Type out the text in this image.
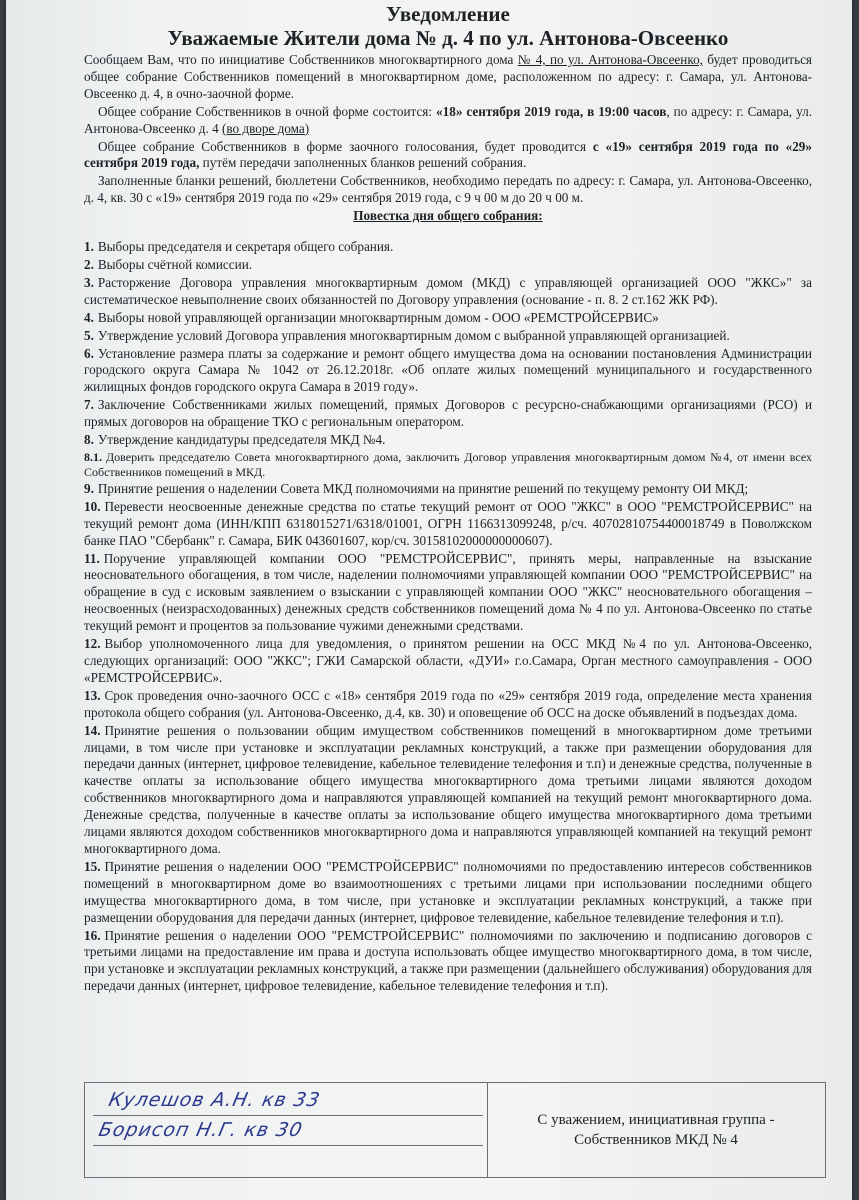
Уведомление
Уважаемые Жители дома № д. 4 по ул. Антонова-Овсеенко

Сообщаем Вам, что по инициативе Собственников многоквартирного дома № 4, по ул. Антонова-Овсеенко, будет проводиться общее собрание Собственников помещений в многоквартирном доме, расположенном по адресу: г. Самара, ул. Антонова-Овсеенко д. 4, в очно-заочной форме.

Общее собрание Собственников в очной форме состоится: «18» сентября 2019 года, в 19:00 часов, по адресу: г. Самара, ул. Антонова-Овсеенко д. 4 (во дворе дома)

Общее собрание Собственников в форме заочного голосования, будет проводится с «19» сентября 2019 года по «29» сентября 2019 года, путём передачи заполненных бланков решений собрания.

Заполненные бланки решений, бюллетени Собственников, необходимо передать по адресу: г. Самара, ул. Антонова-Овсеенко, д. 4, кв. 30 с «19» сентября 2019 года по «29» сентября 2019 года, с 9 ч 00 м до 20 ч 00 м.

Повестка дня общего собрания:

1. Выборы председателя и секретаря общего собрания.

2. Выборы счётной комиссии.

3. Расторжение Договора управления многоквартирным домом (МКД) с управляющей организацией ООО "ЖКС»" за систематическое невыполнение своих обязанностей по Договору управления (основание - п. 8. 2 ст.162 ЖК РФ).

4. Выборы новой управляющей организации многоквартирным домом - ООО «РЕМСТРОЙСЕРВИС»

5. Утверждение условий Договора управления многоквартирным домом с выбранной управляющей организацией.

6. Установление размера платы за содержание и ремонт общего имущества дома на основании постановления Администрации городского округа Самара № 1042 от 26.12.2018г. «Об оплате жилых помещений муниципального и государственного жилищных фондов городского округа Самара в 2019 году».

7. Заключение Собственниками жилых помещений, прямых Договоров с ресурсно-снабжающими организациями (РСО) и прямых договоров на обращение ТКО с региональным оператором.

8. Утверждение кандидатуры председателя МКД №4.

8.1. Доверить председателю Совета многоквартирного дома, заключить Договор управления многоквартирным домом №4, от имени всех Собственников помещений в МКД.

9. Принятие решения о наделении Совета МКД полномочиями на принятие решений по текущему ремонту ОИ МКД;

10. Перевести неосвоенные денежные средства по статье текущий ремонт от ООО "ЖКС" в ООО "РЕМСТРОЙСЕРВИС" на текущий ремонт дома (ИНН/КПП 6318015271/6318/01001, ОГРН 1166313099248, р/сч. 40702810754400018749 в Поволжском банке ПАО "Сбербанк" г. Самара, БИК 043601607, кор/сч. 30158102000000000607).

11. Поручение управляющей компании ООО "РЕМСТРОЙСЕРВИС", принять меры, направленные на взыскание неосновательного обогащения, в том числе, наделении полномочиями управляющей компании ООО "РЕМСТРОЙСЕРВИС" на обращение в суд с исковым заявлением о взыскании с управляющей компании ООО "ЖКС" неосновательного обогащения – неосвоенных (неизрасходованных) денежных средств собственников помещений дома № 4 по ул. Антонова-Овсеенко по статье текущий ремонт и процентов за пользование чужими денежными средствами.

12. Выбор уполномоченного лица для уведомления, о принятом решении на ОСС МКД №4 по ул. Антонова-Овсеенко, следующих организаций: ООО "ЖКС"; ГЖИ Самарской области, «ДУИ» г.о.Самара, Орган местного самоуправления - ООО «РЕМСТРОЙСЕРВИС».

13. Срок проведения очно-заочного ОСС с «18» сентября 2019 года по «29» сентября 2019 года, определение места хранения протокола общего собрания (ул. Антонова-Овсеенко, д.4, кв. 30) и оповещение об ОСС на доске объявлений в подъездах дома.

14. Принятие решения о пользовании общим имуществом собственников помещений в многоквартирном доме третьими лицами, в том числе при установке и эксплуатации рекламных конструкций, а также при размещении оборудования для передачи данных (интернет, цифровое телевидение, кабельное телевидение телефония и т.п) и денежные средства, полученные в качестве оплаты за использование общего имущества многоквартирного дома третьими лицами являются доходом собственников многоквартирного дома и направляются управляющей компанией на текущий ремонт многоквартирного дома. Денежные средства, полученные в качестве оплаты за использование общего имущества многоквартирного дома третьими лицами являются доходом собственников многоквартирного дома и направляются управляющей компанией на текущий ремонт многоквартирного дома.

15. Принятие решения о наделении ООО "РЕМСТРОЙСЕРВИС" полномочиями по предоставлению интересов собственников помещений в многоквартирном доме во взаимоотношениях с третьими лицами при использовании последними общего имущества многоквартирного дома, в том числе, при установке и эксплуатации рекламных конструкций, а также при размещении оборудования для передачи данных (интернет, цифровое телевидение, кабельное телевидение телефония и т.п).

16. Принятие решения о наделении ООО "РЕМСТРОЙСЕРВИС" полномочиями по заключению и подписанию договоров с третьими лицами на предоставление им права и доступа использовать общее имущество многоквартирного дома, в том числе, при установке и эксплуатации рекламных конструкций, а также при размещении (дальнейшего обслуживания) оборудования для передачи данных (интернет, цифровое телевидение, кабельное телевидение телефония и т.п).

Кулешов А.Н. кв 33
Борисоп Н.Г. кв 30	С уважением, инициативная группа -
Собственников МКД № 4
